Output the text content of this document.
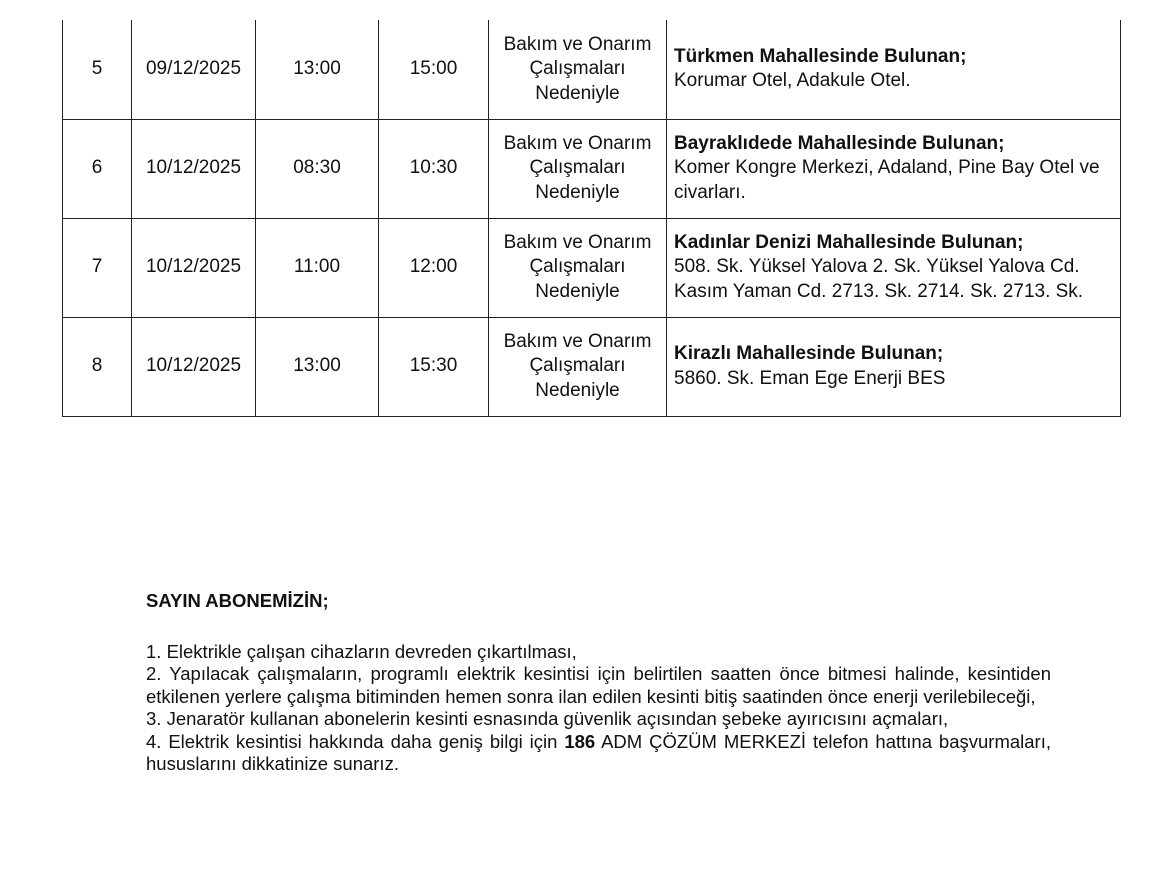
5	09/12/2025	13:00	15:00	Bakım ve Onarım Çalışmaları Nedeniyle	Türkmen Mahallesinde Bulunan;
Korumar Otel, Adakule Otel.

6	10/12/2025	08:30	10:30	Bakım ve Onarım Çalışmaları Nedeniyle	Bayraklıdede Mahallesinde Bulunan;
Komer Kongre Merkezi, Adaland, Pine Bay Otel ve civarları.

7	10/12/2025	11:00	12:00	Bakım ve Onarım Çalışmaları Nedeniyle	Kadınlar Denizi Mahallesinde Bulunan;
508. Sk. Yüksel Yalova 2. Sk. Yüksel Yalova Cd. Kasım Yaman Cd. 2713. Sk. 2714. Sk. 2713. Sk.

8	10/12/2025	13:00	15:30	Bakım ve Onarım Çalışmaları Nedeniyle	Kirazlı Mahallesinde Bulunan;
5860. Sk. Eman Ege Enerji BES
SAYIN ABONEMİZİN;

1. Elektrikle çalışan cihazların devreden çıkartılması,

2. Yapılacak çalışmaların, programlı elektrik kesintisi için belirtilen saatten önce bitmesi halinde, kesintiden etkilenen yerlere çalışma bitiminden hemen sonra ilan edilen kesinti bitiş saatinden önce enerji verilebileceği,

3. Jenaratör kullanan abonelerin kesinti esnasında güvenlik açısından şebeke ayırıcısını açmaları,

4. Elektrik kesintisi hakkında daha geniş bilgi için 186 ADM ÇÖZÜM MERKEZİ telefon hattına başvurmaları, hususlarını dikkatinize sunarız.
